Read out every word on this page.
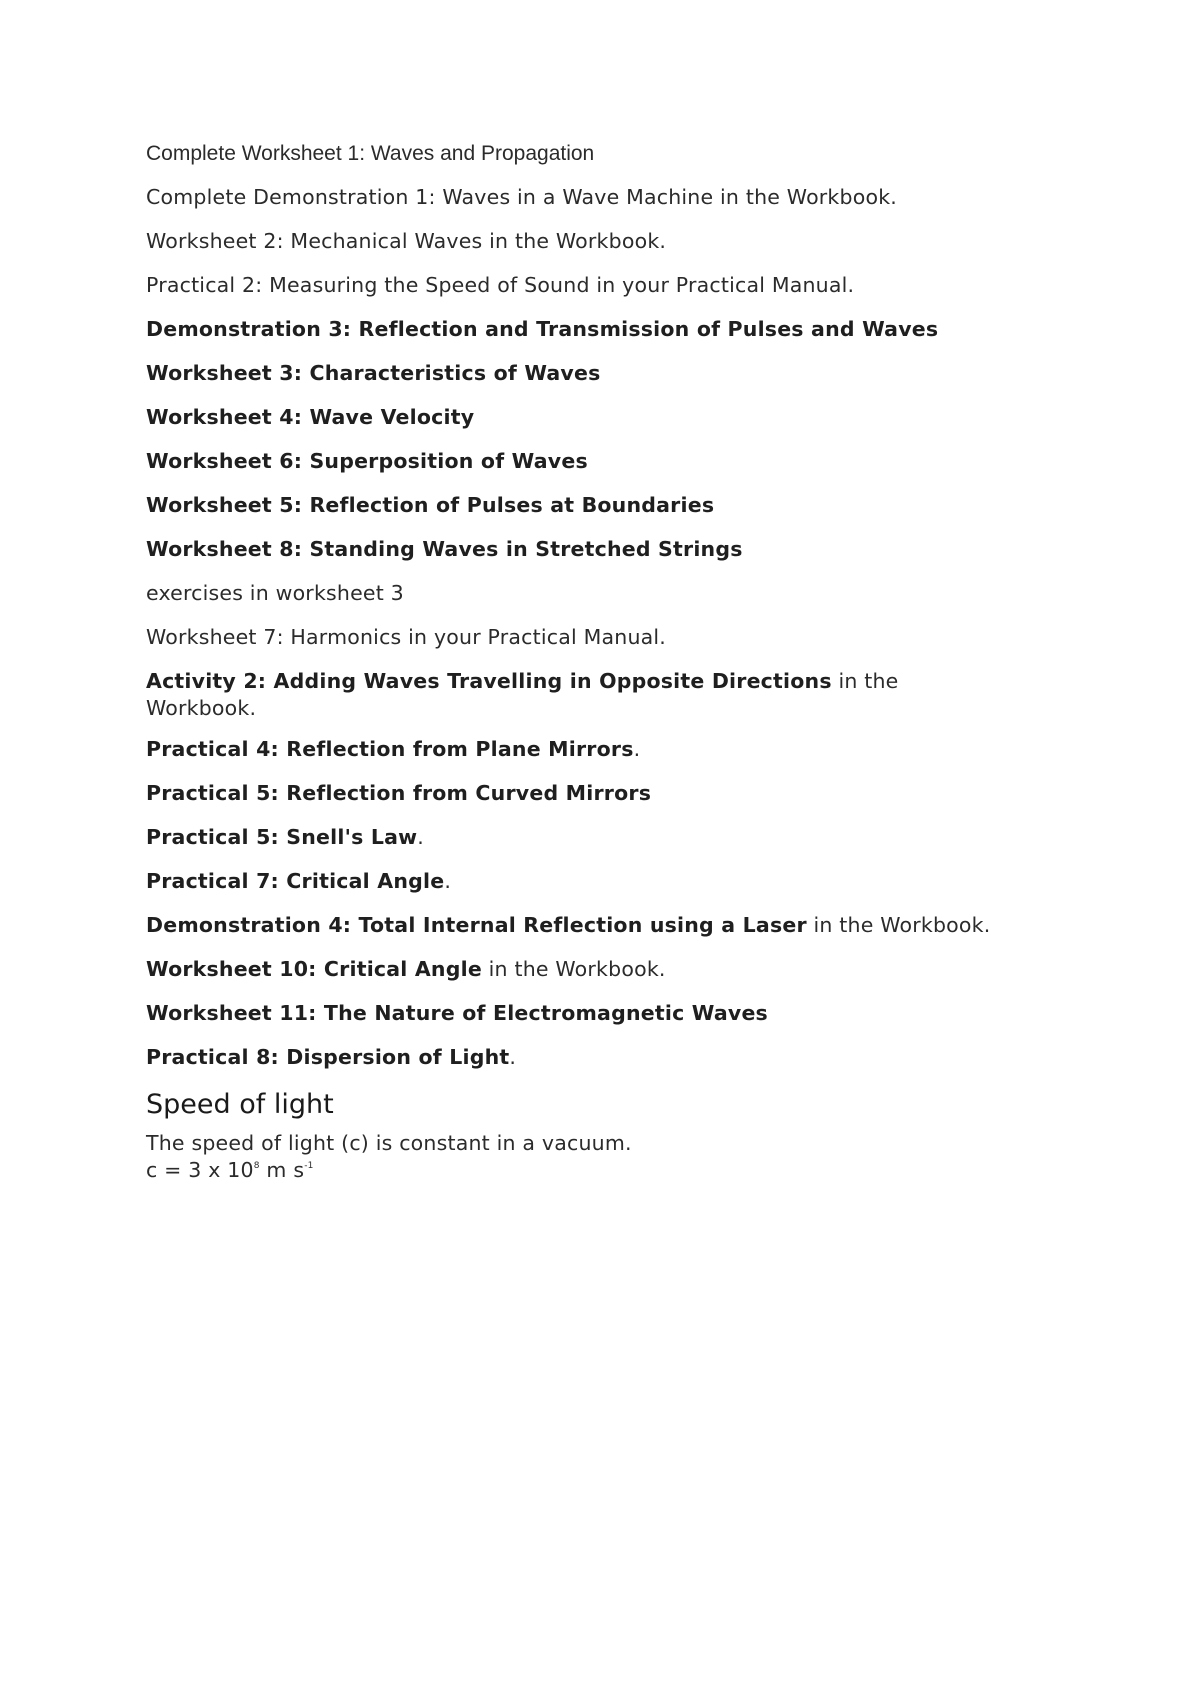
Complete Worksheet 1: Waves and Propagation
Complete Demonstration 1: Waves in a Wave Machine in the Workbook.
Worksheet 2: Mechanical Waves in the Workbook.
Practical 2: Measuring the Speed of Sound in your Practical Manual.
Demonstration 3: Reflection and Transmission of Pulses and Waves
Worksheet 3: Characteristics of Waves
Worksheet 4: Wave Velocity
Worksheet 6: Superposition of Waves
Worksheet 5: Reflection of Pulses at Boundaries
Worksheet 8: Standing Waves in Stretched Strings
exercises in worksheet 3
Worksheet 7: Harmonics in your Practical Manual.
Activity 2: Adding Waves Travelling in Opposite Directions in the Workbook.
Practical 4: Reflection from Plane Mirrors.
Practical 5: Reflection from Curved Mirrors
Practical 5: Snell's Law.
Practical 7: Critical Angle.
Demonstration 4: Total Internal Reflection using a Laser in the Workbook.
Worksheet 10: Critical Angle in the Workbook.
Worksheet 11: The Nature of Electromagnetic Waves
Practical 8: Dispersion of Light.
Speed of light
The speed of light (c) is constant in a vacuum.
c = 3 x $10^8$ m $s^{-1}$
